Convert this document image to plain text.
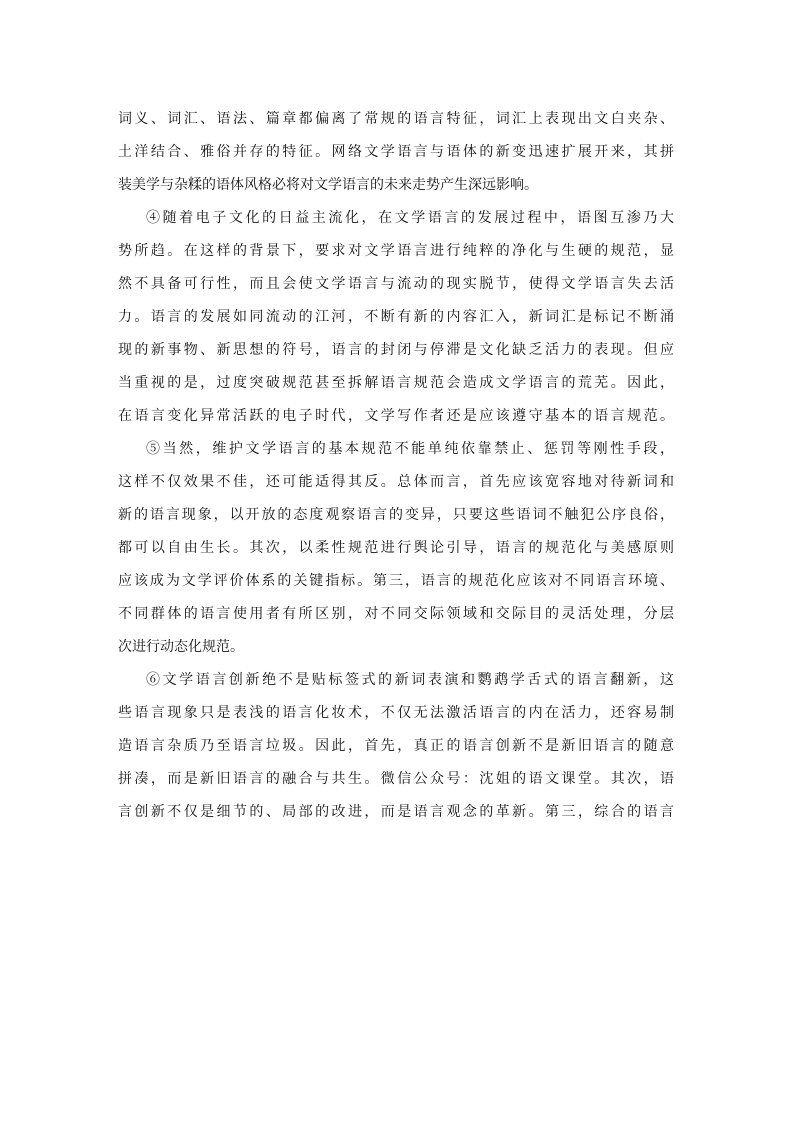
词义、词汇、语法、篇章都偏离了常规的语言特征，词汇上表现出文白夹杂、
土洋结合、雅俗并存的特征。网络文学语言与语体的新变迅速扩展开来，其拼
装美学与杂糅的语体风格必将对文学语言的未来走势产生深远影响。
④随着电子文化的日益主流化，在文学语言的发展过程中，语图互渗乃大
势所趋。在这样的背景下，要求对文学语言进行纯粹的净化与生硬的规范，显
然不具备可行性，而且会使文学语言与流动的现实脱节，使得文学语言失去活
力。语言的发展如同流动的江河，不断有新的内容汇入，新词汇是标记不断涌
现的新事物、新思想的符号，语言的封闭与停滞是文化缺乏活力的表现。但应
当重视的是，过度突破规范甚至拆解语言规范会造成文学语言的荒芜。因此，
在语言变化异常活跃的电子时代，文学写作者还是应该遵守基本的语言规范。
⑤当然，维护文学语言的基本规范不能单纯依靠禁止、惩罚等刚性手段，
这样不仅效果不佳，还可能适得其反。总体而言，首先应该宽容地对待新词和
新的语言现象，以开放的态度观察语言的变异，只要这些语词不触犯公序良俗，
都可以自由生长。其次，以柔性规范进行舆论引导，语言的规范化与美感原则
应该成为文学评价体系的关键指标。第三，语言的规范化应该对不同语言环境、
不同群体的语言使用者有所区别，对不同交际领域和交际目的灵活处理，分层
次进行动态化规范。
⑥文学语言创新绝不是贴标签式的新词表演和鹦鹉学舌式的语言翻新，这
些语言现象只是表浅的语言化妆术，不仅无法激活语言的内在活力，还容易制
造语言杂质乃至语言垃圾。因此，首先，真正的语言创新不是新旧语言的随意
拼凑，而是新旧语言的融合与共生。微信公众号：沈姐的语文课堂。其次，语
言创新不仅是细节的、局部的改进，而是语言观念的革新。第三，综合的语言
